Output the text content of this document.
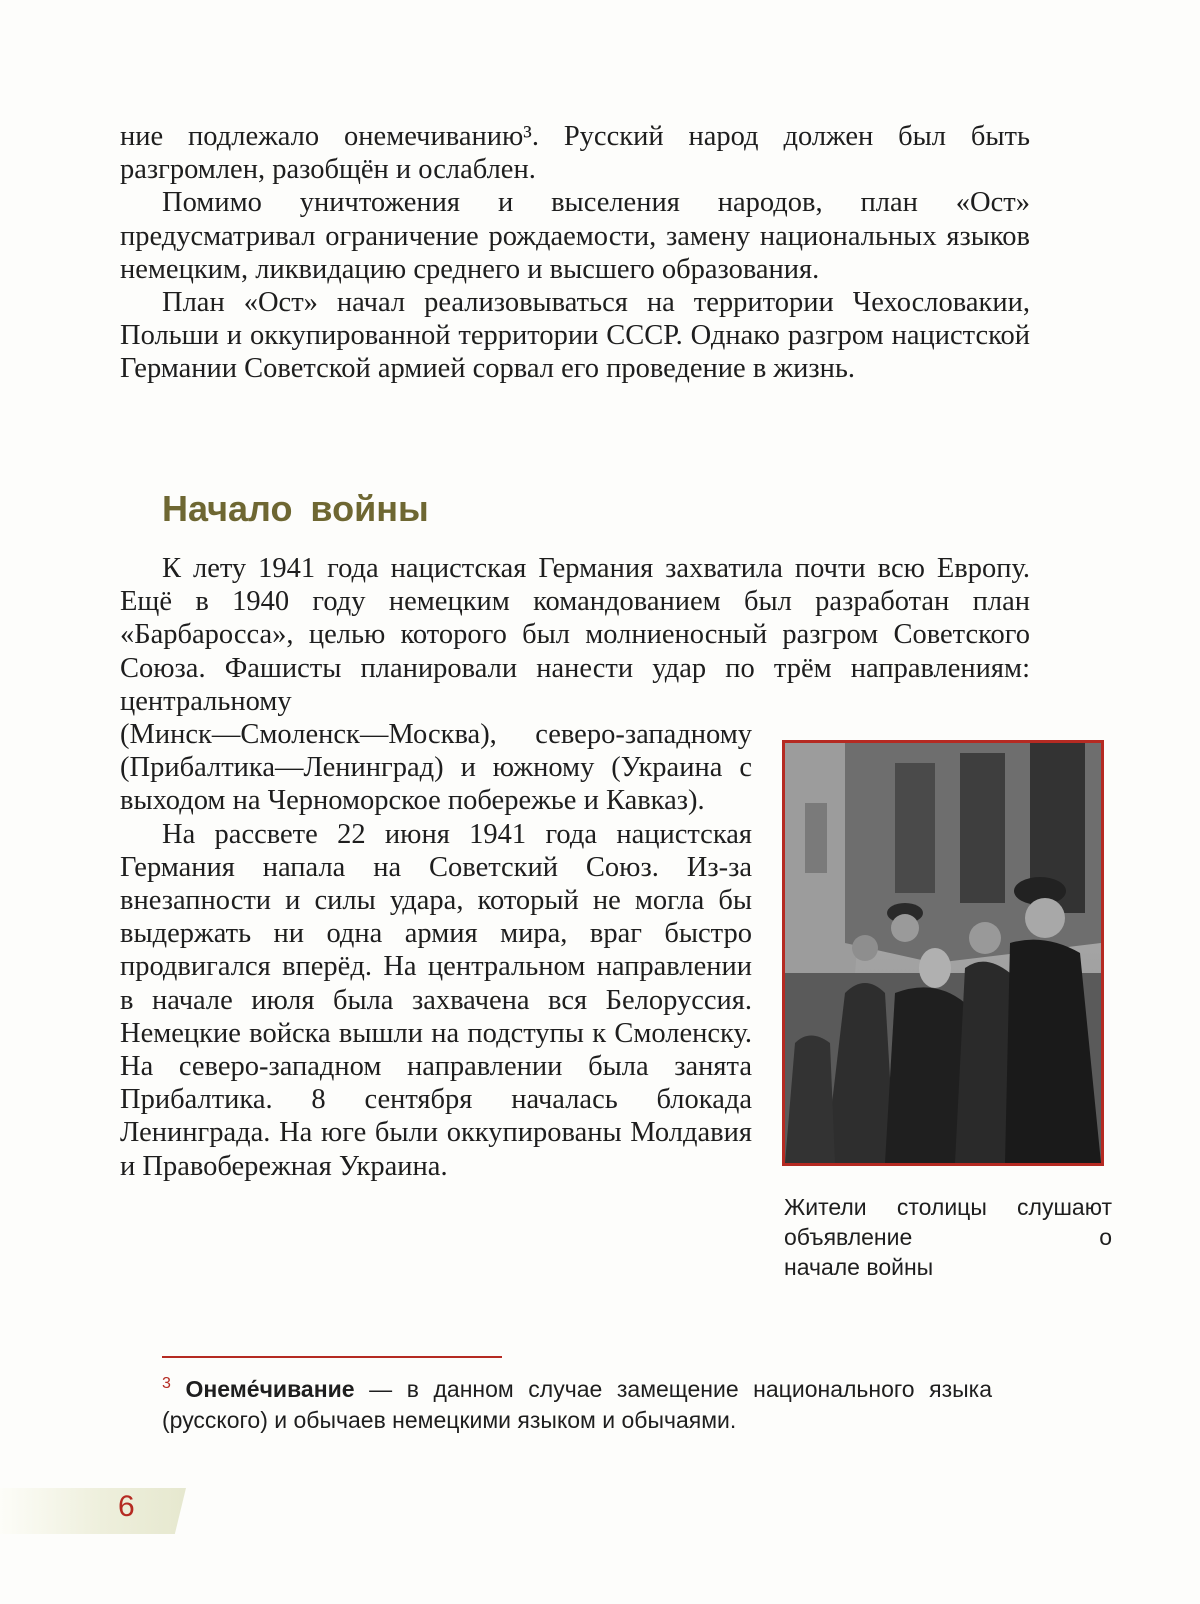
ние подлежало онемечиванию³. Русский народ должен был быть разгромлен, разобщён и ослаблен.

Помимо уничтожения и выселения народов, план «Ост» предусматривал ограничение рождаемости, замену национальных языков немецким, ликвидацию среднего и высшего образования.

План «Ост» начал реализовываться на территории Чехословакии, Польши и оккупированной территории СССР. Однако разгром нацистской Германии Советской армией сорвал его проведение в жизнь.

Начало войны

К лету 1941 года нацистская Германия захватила почти всю Европу. Ещё в 1940 году немецким командованием был разработан план «Барбаросса», целью которого был молниеносный разгром Советского Союза. Фашисты планировали нанести удар по трём направлениям: центральному

(Минск—Смоленск—Москва), северо-западному (Прибалтика—Ленинград) и южному (Украина с выходом на Черноморское побережье и Кавказ).

На рассвете 22 июня 1941 года нацистская Германия напала на Советский Союз. Из-за внезапности и силы удара, который не могла бы выдержать ни одна армия мира, враг быстро продвигался вперёд. На центральном направлении в начале июля была захвачена вся Белоруссия. Немецкие войска вышли на подступы к Смоленску. На северо-западном направлении была занята Прибалтика. 8 сентября началась блокада Ленинграда. На юге были оккупированы Молдавия и Правобережная Украина.

Жители столицы слушают объявление о
начале войны
$^3$ Онеме́чивание — в данном случае замещение национального языка (русского) и обычаев немецкими языком и обычаями.
6
